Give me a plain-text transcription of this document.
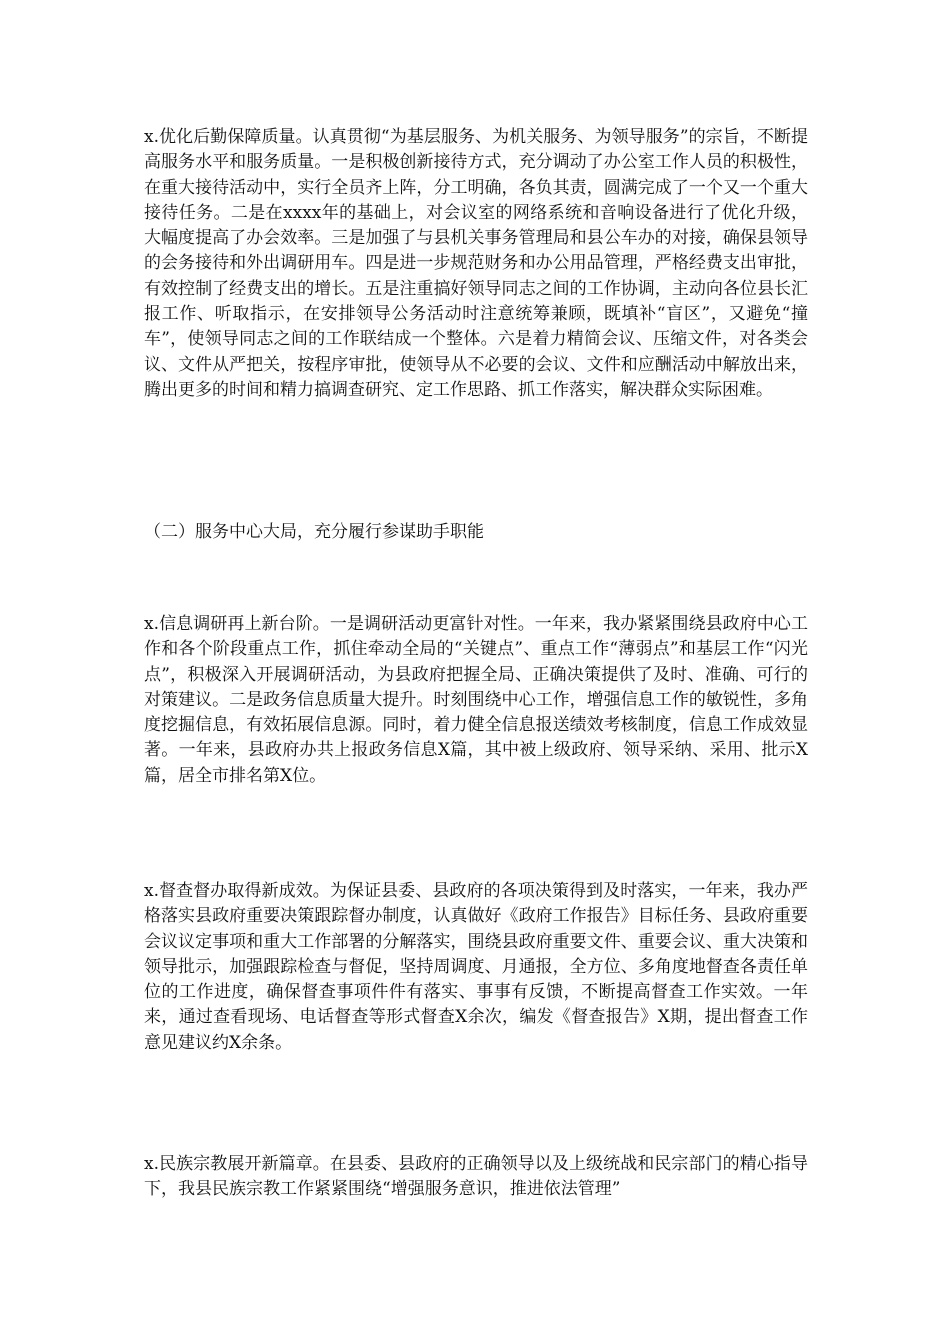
x.优化后勤保障质量。认真贯彻“为基层服务、为机关服务、为领导服务”的宗旨，不断提高服务水平和服务质量。一是积极创新接待方式，充分调动了办公室工作人员的积极性，在重大接待活动中，实行全员齐上阵，分工明确，各负其责，圆满完成了一个又一个重大接待任务。二是在xxxx年的基础上，对会议室的网络系统和音响设备进行了优化升级，大幅度提高了办会效率。三是加强了与县机关事务管理局和县公车办的对接，确保县领导的会务接待和外出调研用车。四是进一步规范财务和办公用品管理，严格经费支出审批，有效控制了经费支出的增长。五是注重搞好领导同志之间的工作协调，主动向各位县长汇报工作、听取指示，在安排领导公务活动时注意统筹兼顾，既填补“盲区”，又避免“撞车”，使领导同志之间的工作联结成一个整体。六是着力精简会议、压缩文件，对各类会议、文件从严把关，按程序审批，使领导从不必要的会议、文件和应酬活动中解放出来，腾出更多的时间和精力搞调查研究、定工作思路、抓工作落实，解决群众实际困难。

（二）服务中心大局，充分履行参谋助手职能

x.信息调研再上新台阶。一是调研活动更富针对性。一年来，我办紧紧围绕县政府中心工作和各个阶段重点工作，抓住牵动全局的“关键点”、重点工作“薄弱点”和基层工作“闪光点”，积极深入开展调研活动，为县政府把握全局、正确决策提供了及时、准确、可行的对策建议。二是政务信息质量大提升。时刻围绕中心工作，增强信息工作的敏锐性，多角度挖掘信息，有效拓展信息源。同时，着力健全信息报送绩效考核制度，信息工作成效显著。一年来，县政府办共上报政务信息X篇，其中被上级政府、领导采纳、采用、批示X篇，居全市排名第X位。

x.督查督办取得新成效。为保证县委、县政府的各项决策得到及时落实，一年来，我办严格落实县政府重要决策跟踪督办制度，认真做好《政府工作报告》目标任务、县政府重要会议议定事项和重大工作部署的分解落实，围绕县政府重要文件、重要会议、重大决策和领导批示，加强跟踪检查与督促，坚持周调度、月通报，全方位、多角度地督查各责任单位的工作进度，确保督查事项件件有落实、事事有反馈，不断提高督查工作实效。一年来，通过查看现场、电话督查等形式督查X余次，编发《督查报告》X期，提出督查工作意见建议约X余条。

x.民族宗教展开新篇章。在县委、县政府的正确领导以及上级统战和民宗部门的精心指导下，我县民族宗教工作紧紧围绕“增强服务意识，推进依法管理”
